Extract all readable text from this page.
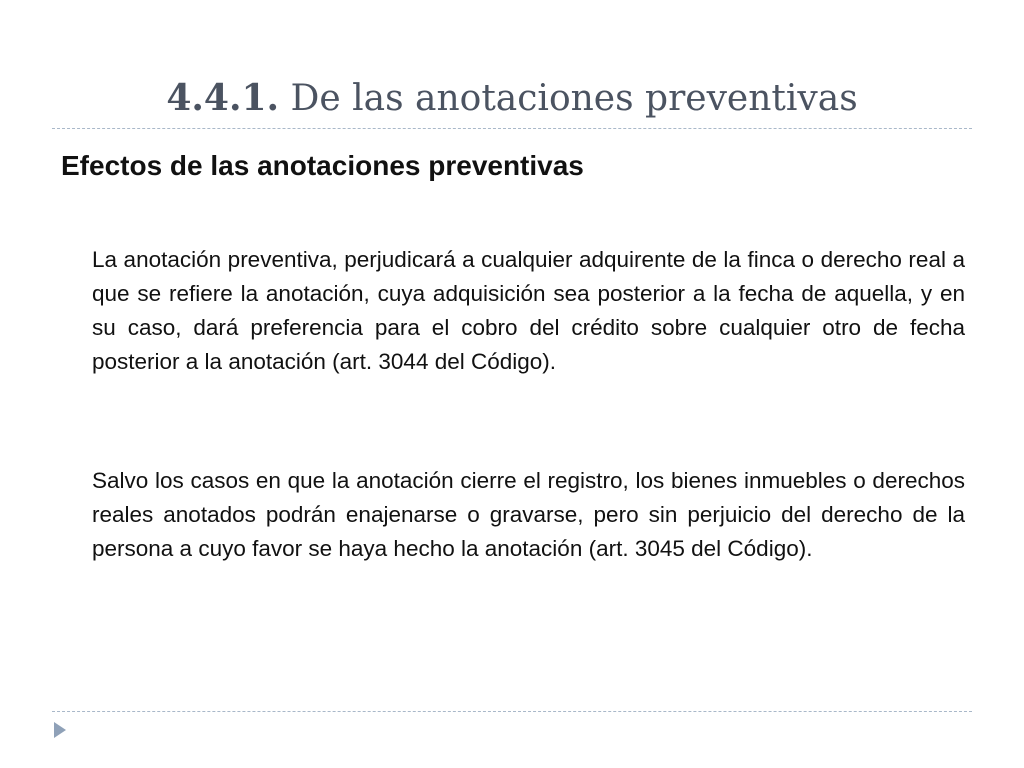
4.4.1. De las anotaciones preventivas
Efectos de las anotaciones preventivas

La anotación preventiva, perjudicará a cualquier adquirente de la finca o derecho real a que se refiere la anotación, cuya adquisición sea posterior a la fecha de aquella, y en su caso, dará preferencia para el cobro del crédito sobre cualquier otro de fecha posterior a la anotación (art. 3044 del Código).

Salvo los casos en que la anotación cierre el registro, los bienes inmuebles o derechos reales anotados podrán enajenarse o gravarse, pero sin perjuicio del derecho de la persona a cuyo favor se haya hecho la anotación (art. 3045 del Código).
